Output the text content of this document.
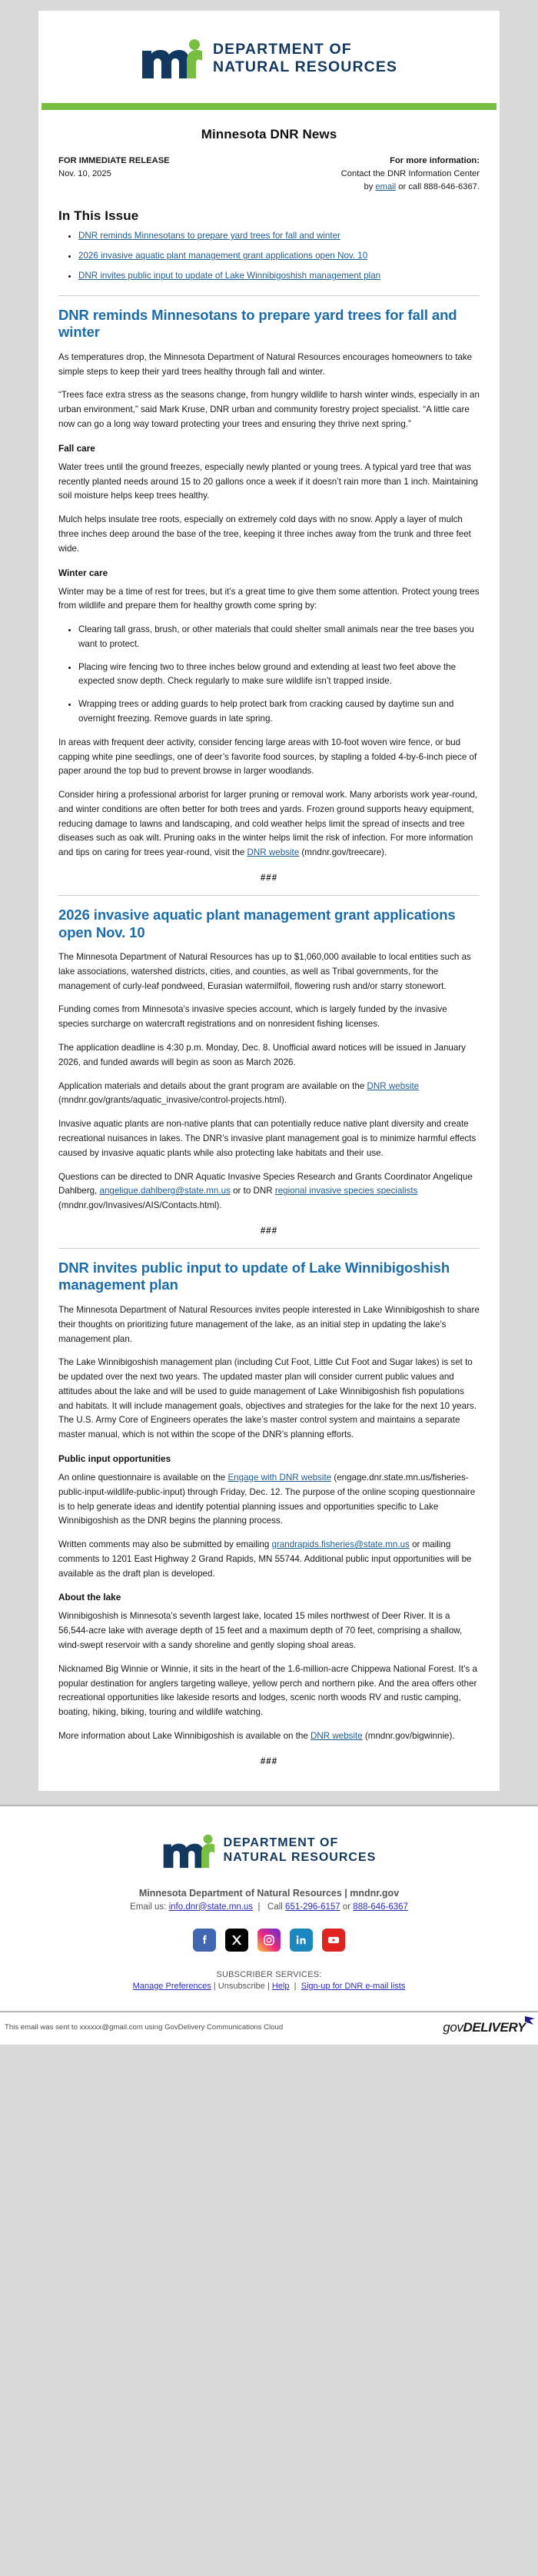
DEPARTMENT OF
NATURAL RESOURCES
Minnesota DNR News
FOR IMMEDIATE RELEASE
Nov. 10, 2025
For more information:
Contact the DNR Information Center
by email or call 888-646-6367.
In This Issue
• DNR reminds Minnesotans to prepare yard trees for fall and winter
• 2026 invasive aquatic plant management grant applications open Nov. 10
• DNR invites public input to update of Lake Winnibigoshish management plan
DNR reminds Minnesotans to prepare yard trees for fall and winter

As temperatures drop, the Minnesota Department of Natural Resources encourages homeowners to take simple steps to keep their yard trees healthy through fall and winter.

“Trees face extra stress as the seasons change, from hungry wildlife to harsh winter winds, especially in an urban environment,” said Mark Kruse, DNR urban and community forestry project specialist. “A little care now can go a long way toward protecting your trees and ensuring they thrive next spring.”

Fall care

Water trees until the ground freezes, especially newly planted or young trees. A typical yard tree that was recently planted needs around 15 to 20 gallons once a week if it doesn’t rain more than 1 inch. Maintaining soil moisture helps keep trees healthy.

Mulch helps insulate tree roots, especially on extremely cold days with no snow. Apply a layer of mulch three inches deep around the base of the tree, keeping it three inches away from the trunk and three feet wide.

Winter care

Winter may be a time of rest for trees, but it’s a great time to give them some attention. Protect young trees from wildlife and prepare them for healthy growth come spring by:

• Clearing tall grass, brush, or other materials that could shelter small animals near the tree bases you want to protect.
• Placing wire fencing two to three inches below ground and extending at least two feet above the expected snow depth. Check regularly to make sure wildlife isn’t trapped inside.
• Wrapping trees or adding guards to help protect bark from cracking caused by daytime sun and overnight freezing. Remove guards in late spring.

In areas with frequent deer activity, consider fencing large areas with 10-foot woven wire fence, or bud capping white pine seedlings, one of deer’s favorite food sources, by stapling a folded 4-by-6-inch piece of paper around the top bud to prevent browse in larger woodlands.

Consider hiring a professional arborist for larger pruning or removal work. Many arborists work year-round, and winter conditions are often better for both trees and yards. Frozen ground supports heavy equipment, reducing damage to lawns and landscaping, and cold weather helps limit the spread of insects and tree diseases such as oak wilt. Pruning oaks in the winter helps limit the risk of infection. For more information and tips on caring for trees year-round, visit the DNR website (mndnr.gov/treecare).

###
2026 invasive aquatic plant management grant applications open Nov. 10

The Minnesota Department of Natural Resources has up to $1,060,000 available to local entities such as lake associations, watershed districts, cities, and counties, as well as Tribal governments, for the management of curly-leaf pondweed, Eurasian watermilfoil, flowering rush and/or starry stonewort.

Funding comes from Minnesota’s invasive species account, which is largely funded by the invasive species surcharge on watercraft registrations and on nonresident fishing licenses.

The application deadline is 4:30 p.m. Monday, Dec. 8. Unofficial award notices will be issued in January 2026, and funded awards will begin as soon as March 2026.

Application materials and details about the grant program are available on the DNR website (mndnr.gov/grants/aquatic_invasive/control-projects.html).

Invasive aquatic plants are non-native plants that can potentially reduce native plant diversity and create recreational nuisances in lakes. The DNR’s invasive plant management goal is to minimize harmful effects caused by invasive aquatic plants while also protecting lake habitats and their use.

Questions can be directed to DNR Aquatic Invasive Species Research and Grants Coordinator Angelique Dahlberg, angelique.dahlberg@state.mn.us or to DNR regional invasive species specialists (mndnr.gov/Invasives/AIS/Contacts.html).

###
DNR invites public input to update of Lake Winnibigoshish management plan

The Minnesota Department of Natural Resources invites people interested in Lake Winnibigoshish to share their thoughts on prioritizing future management of the lake, as an initial step in updating the lake’s management plan.

The Lake Winnibigoshish management plan (including Cut Foot, Little Cut Foot and Sugar lakes) is set to be updated over the next two years. The updated master plan will consider current public values and attitudes about the lake and will be used to guide management of Lake Winnibigoshish fish populations and habitats. It will include management goals, objectives and strategies for the lake for the next 10 years. The U.S. Army Core of Engineers operates the lake’s master control system and maintains a separate master manual, which is not within the scope of the DNR’s planning efforts.

Public input opportunities

An online questionnaire is available on the Engage with DNR website (engage.dnr.state.mn.us/fisheries-public-input-wildlife-public-input) through Friday, Dec. 12. The purpose of the online scoping questionnaire is to help generate ideas and identify potential planning issues and opportunities specific to Lake Winnibigoshish as the DNR begins the planning process.

Written comments may also be submitted by emailing grandrapids.fisheries@state.mn.us or mailing comments to 1201 East Highway 2 Grand Rapids, MN 55744. Additional public input opportunities will be available as the draft plan is developed.

About the lake

Winnibigoshish is Minnesota’s seventh largest lake, located 15 miles northwest of Deer River. It is a 56,544-acre lake with average depth of 15 feet and a maximum depth of 70 feet, comprising a shallow, wind-swept reservoir with a sandy shoreline and gently sloping shoal areas.

Nicknamed Big Winnie or Winnie, it sits in the heart of the 1.6-million-acre Chippewa National Forest. It’s a popular destination for anglers targeting walleye, yellow perch and northern pike. And the area offers other recreational opportunities like lakeside resorts and lodges, scenic north woods RV and rustic camping, boating, hiking, biking, touring and wildlife watching.

More information about Lake Winnibigoshish is available on the DNR website (mndnr.gov/bigwinnie).

###
DEPARTMENT OF
NATURAL RESOURCES
Minnesota Department of Natural Resources | mndnr.gov
Email us: info.dnr@state.mn.us  |   Call 651-296-6157 or 888-646-6367
SUBSCRIBER SERVICES:
Manage Preferences | Unsubscribe | Help  |  Sign-up for DNR e-mail lists
This email was sent to xxxxxx@gmail.com using GovDelivery Communications Cloud	govDELIVERY
